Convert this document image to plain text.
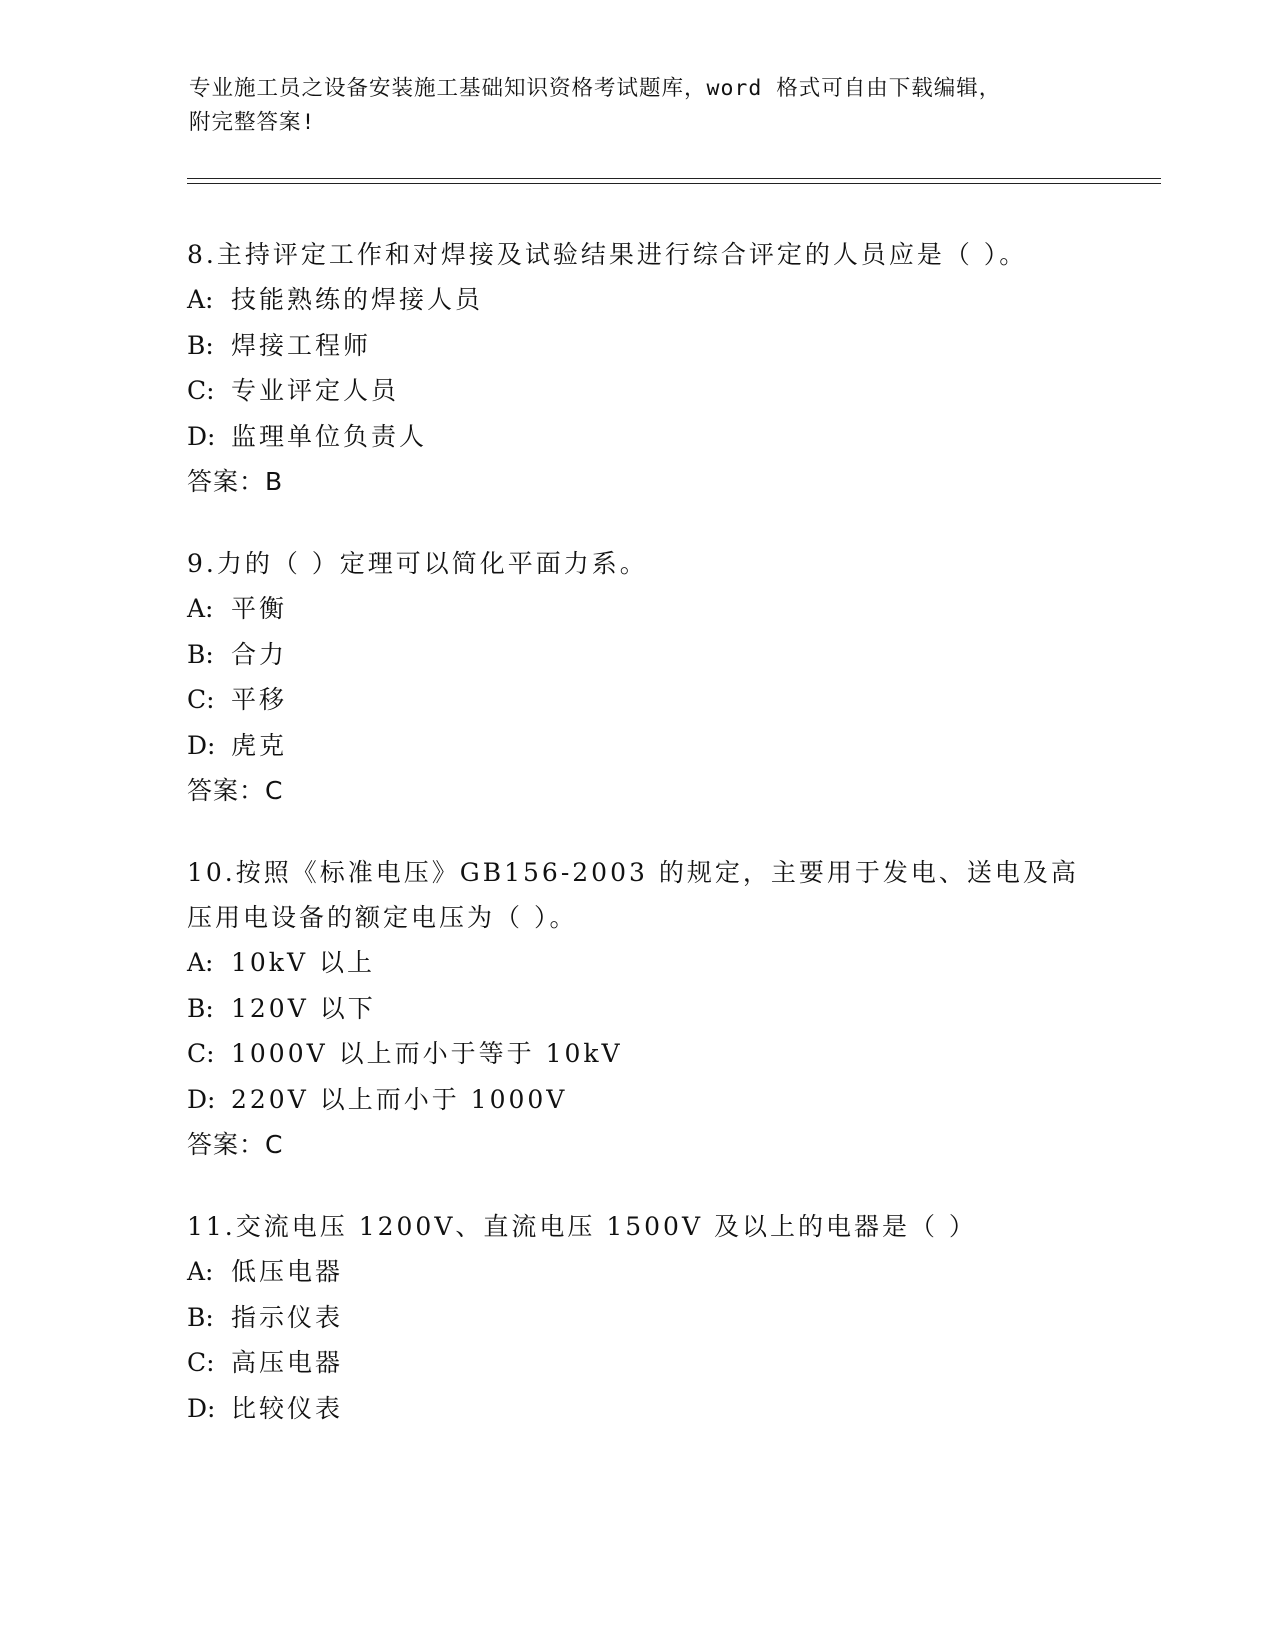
专业施工员之设备安装施工基础知识资格考试题库，word 格式可自由下载编辑，
附完整答案!
8.主持评定工作和对焊接及试验结果进行综合评定的人员应是（ ）。
A: 技能熟练的焊接人员
B: 焊接工程师
C: 专业评定人员
D: 监理单位负责人
答案：B
9.力的（ ）定理可以简化平面力系。
A: 平衡
B: 合力
C: 平移
D: 虎克
答案：C
10.按照《标准电压》GB156-2003 的规定，主要用于发电、送电及高压用电设备的额定电压为（ ）。
A: 10kV 以上
B: 120V 以下
C: 1000V 以上而小于等于 10kV
D: 220V 以上而小于 1000V
答案：C
11.交流电压 1200V、直流电压 1500V 及以上的电器是（ ）
A: 低压电器
B: 指示仪表
C: 高压电器
D: 比较仪表
